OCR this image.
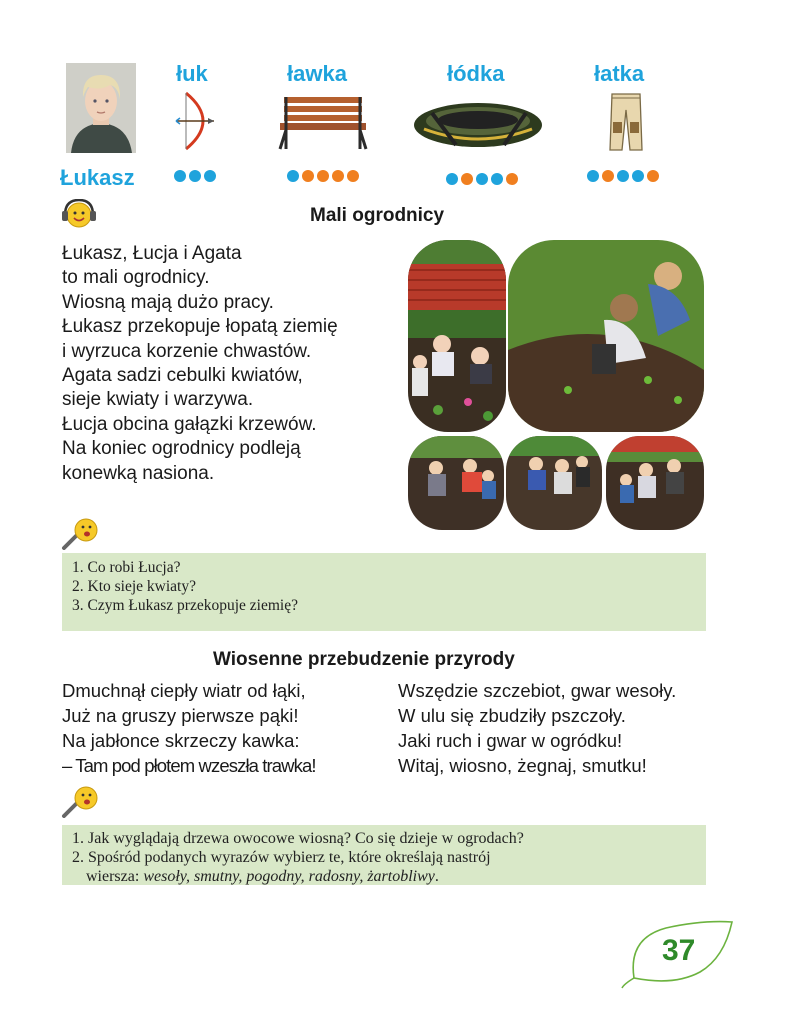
Łukasz
łuk	ławka	łódka	łatka
Mali ogrodnicy
Łukasz, Łucja i Agata
to mali ogrodnicy.
Wiosną mają dużo pracy.
Łukasz przekopuje łopatą ziemię
i wyrzuca korzenie chwastów.
Agata sadzi cebulki kwiatów,
sieje kwiaty i warzywa.
Łucja obcina gałązki krzewów.
Na koniec ogrodnicy podleją
konewką nasiona.
1. Co robi Łucja?
2. Kto sieje kwiaty?
3. Czym Łukasz przekopuje ziemię?
Wiosenne przebudzenie przyrody
Dmuchnął ciepły wiatr od łąki,
Już na gruszy pierwsze pąki!
Na jabłonce skrzeczy kawka:
– Tam pod płotem wzeszła trawka!
Wszędzie szczebiot, gwar wesoły.
W ulu się zbudziły pszczoły.
Jaki ruch i gwar w ogródku!
Witaj, wiosno, żegnaj, smutku!
1. Jak wyglądają drzewa owocowe wiosną? Co się dzieje w ogrodach?
2. Spośród podanych wyrazów wybierz te, które określają nastrój
wiersza: wesoły, smutny, pogodny, radosny, żartobliwy.
37
